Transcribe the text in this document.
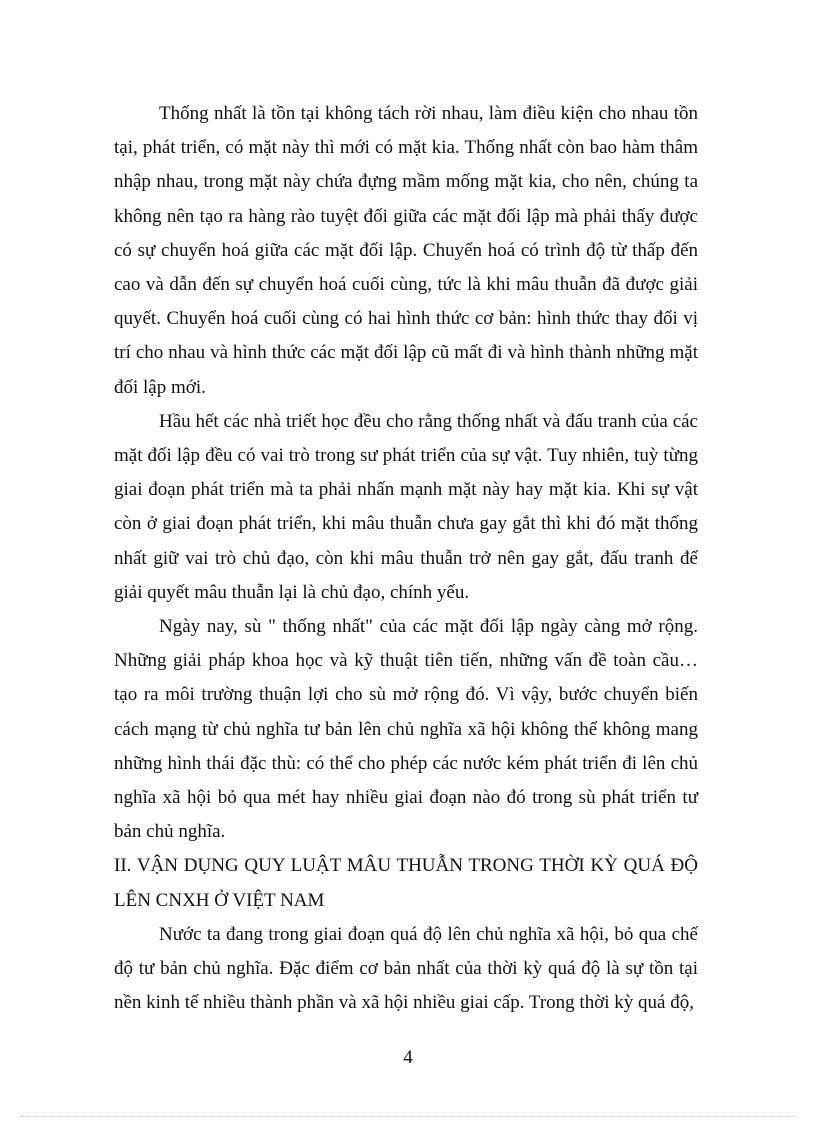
Thống nhất là tồn tại không tách rời nhau, làm điều kiện cho nhau tồn tại, phát triển, có mặt này thì mới có mặt kia. Thống nhất còn bao hàm thâm nhập nhau, trong mặt này chứa đựng mầm mống mặt kia, cho nên, chúng ta không nên tạo ra hàng rào tuyệt đối giữa các mặt đối lập mà phải thấy được có sự chuyển hoá giữa các mặt đối lập. Chuyển hoá có trình độ từ thấp đến cao và dẫn đến sự chuyển hoá cuối cùng, tức là khi mâu thuẫn đã được giải quyết. Chuyển hoá cuối cùng có hai hình thức cơ bản: hình thức thay đổi vị trí cho nhau và hình thức các mặt đối lập cũ mất đi và hình thành những mặt đối lập mới.

Hầu hết các nhà triết học đều cho rằng thống nhất và đấu tranh của các mặt đối lập đều có vai trò trong sư phát triển của sự vật. Tuy nhiên, tuỳ từng giai đoạn phát triển mà ta phải nhấn mạnh mặt này hay mặt kia. Khi sự vật còn ở giai đoạn phát triển, khi mâu thuẫn chưa gay gắt thì khi đó mặt thống nhất giữ vai trò chủ đạo, còn khi mâu thuẫn trở nên gay gắt, đấu tranh để giải quyết mâu thuẫn lại là chủ đạo, chính yếu.

Ngày nay, sù " thống nhất" của các mặt đối lập ngày càng mở rộng. Những giải pháp khoa học và kỹ thuật tiên tiến, những vấn đề toàn cầu… tạo ra môi trường thuận lợi cho sù mở rộng đó. Vì vậy, bước chuyển biến cách mạng từ chủ nghĩa tư bản lên chủ nghĩa xã hội không thể không mang những hình thái đặc thù: có thể cho phép các nước kém phát triển đi lên chủ nghĩa xã hội bỏ qua mét hay nhiều giai đoạn nào đó trong sù phát triển tư bản chủ nghĩa.

II. VẬN DỤNG QUY LUẬT MÂU THUẪN TRONG THỜI KỲ QUÁ ĐỘ LÊN CNXH Ở VIỆT NAM

Nước ta đang trong giai đoạn quá độ lên chủ nghĩa xã hội, bỏ qua chế độ tư bản chủ nghĩa. Đặc điểm cơ bản nhất của thời kỳ quá độ là sự tồn tại nền kinh tế nhiều thành phần và xã hội nhiều giai cấp. Trong thời kỳ quá độ,

4
